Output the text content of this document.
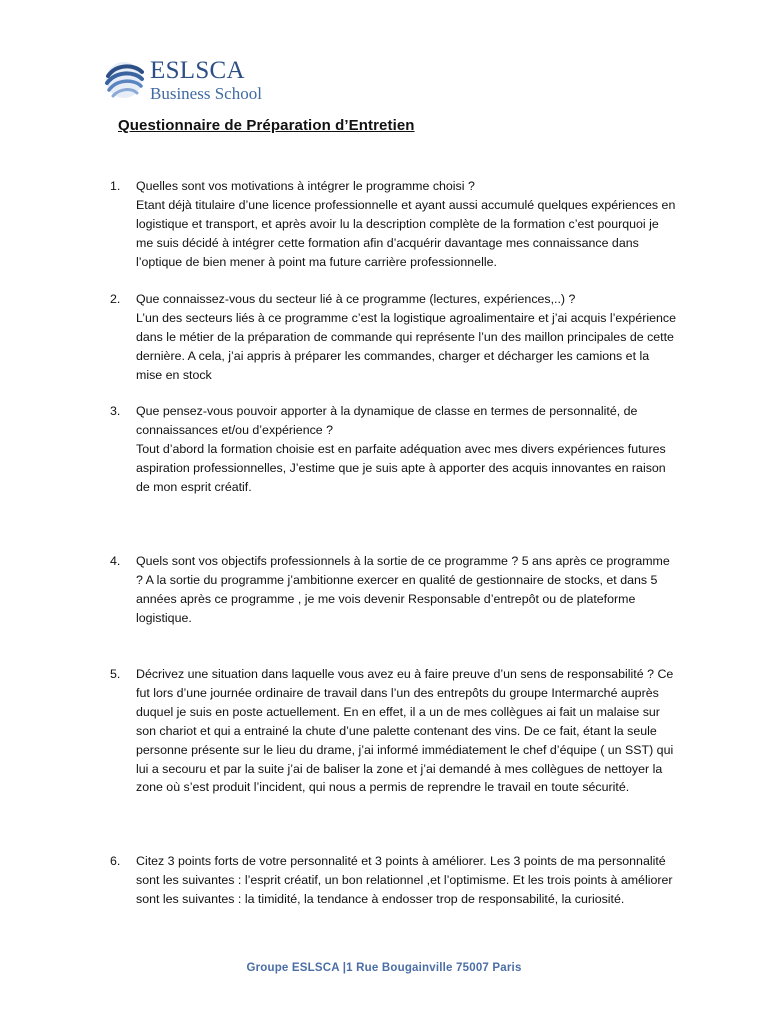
ESLSCA
Business School
Questionnaire de Préparation d’Entretien
1.	Quelles sont vos motivations à intégrer le programme choisi ?

Etant déjà titulaire d’une licence professionnelle et ayant aussi accumulé quelques expériences en logistique et transport, et après avoir lu la description complète de la formation c’est pourquoi je me suis décidé à intégrer cette formation afin d’acquérir davantage mes connaissance dans l’optique de bien mener à point ma future carrière professionnelle.

2.	Que connaissez-vous du secteur lié à ce programme (lectures, expériences,..) ?

L’un des secteurs liés à ce programme c’est la logistique agroalimentaire et j’ai acquis l’expérience dans le métier de la préparation de commande qui représente l’un des maillon principales de cette dernière. A cela, j’ai appris à préparer les commandes, charger et décharger les camions et la mise en stock

3.	Que pensez-vous pouvoir apporter à la dynamique de classe en termes de personnalité, de connaissances et/ou d’expérience ?

Tout d’abord la formation choisie est en parfaite adéquation avec mes divers expériences futures aspiration professionnelles, J’estime que je suis apte à apporter des acquis innovantes en raison de mon esprit créatif.

4.	Quels sont vos objectifs professionnels à la sortie de ce programme ? 5 ans après ce programme ? A la sortie du programme j’ambitionne exercer en qualité de gestionnaire de stocks, et dans 5 années après ce programme , je me vois devenir Responsable d’entrepôt ou de plateforme logistique.

5.	Décrivez une situation dans laquelle vous avez eu à faire preuve d’un sens de responsabilité ? Ce fut lors d’une journée ordinaire de travail dans l’un des entrepôts du groupe Intermarché auprès duquel je suis en poste actuellement. En en effet, il a un de mes collègues ai fait un malaise sur son chariot et qui a entrainé la chute d’une palette contenant des vins. De ce fait, étant la seule personne présente sur le lieu du drame, j’ai informé immédiatement le chef d’équipe ( un SST) qui lui a secouru et par la suite j’ai de baliser la zone et j’ai demandé à mes collègues de nettoyer la zone où s’est produit l’incident, qui nous a permis de reprendre le travail en toute sécurité.

6.	Citez 3 points forts de votre personnalité et 3 points à améliorer. Les 3 points de ma personnalité sont les suivantes : l’esprit créatif, un bon relationnel ,et l’optimisme. Et les trois points à améliorer sont les suivantes : la timidité, la tendance à endosser trop de responsabilité, la curiosité.

Groupe ESLSCA |1 Rue Bougainville 75007 Paris
